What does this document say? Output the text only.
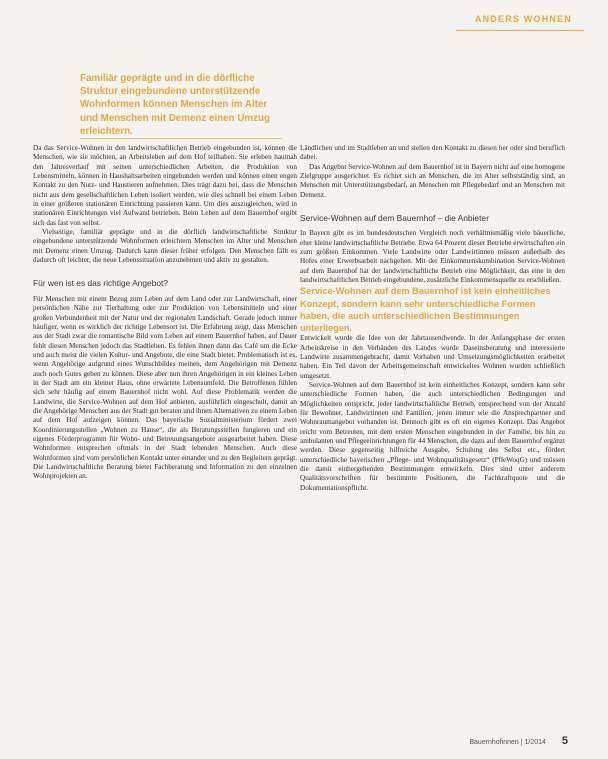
ANDERS WOHNEN

Familiär geprägte und in die dörfliche Struktur eingebundene unterstützende Wohnformen können Menschen im Alter und Menschen mit Demenz einen Umzug erleichtern.

Da das Service-Wohnen in den landwirtschaftlichen Betrieb eingebunden ist, können die Menschen, wie sie möchten, an Arbeitsleben auf dem Hof teilhaben. Sie erleben hautnah den Jahresverlauf mit seinen unterschiedlichen Arbeiten, die Produktion von Lebensmitteln, können in Haushaltsarbeiten eingebunden werden und können einen engen Kontakt zu den Nutz- und Haustieren aufnehmen. Dies trägt dazu bei, dass die Menschen nicht aus dem gesellschaftlichen Leben isoliert werden, wie dies schnell bei einem Leben in einer größeren stationären Einrichtung passieren kann. Um dies auszugleichen, wird in stationären Einrichtungen viel Aufwand betrieben. Beim Leben auf dem Bauernhof ergibt sich das fast von selbst.

Vielseitige, familiär geprägte und in die dörflich landwirtschaftliche Struktur eingebundene unterstützende Wohnformen erleichtern Menschen im Alter und Menschen mit Demenz einen Umzug. Dadurch kann dieser früher erfolgen. Den Menschen fällt es dadurch oft leichter, die neue Lebenssituation anzunehmen und aktiv zu gestalten.

Für wen ist es das richtige Angebot?

Für Menschen mit einem Bezug zum Leben auf dem Land oder zur Landwirtschaft, einer persönlichen Nähe zur Tierhaltung oder zur Produktion von Lebensmitteln und einer großen Verbundenheit mit der Natur und der regionalen Landschaft. Gerade jedoch immer häufiger, wenn es wirklich der richtige Lebensort ist. Die Erfahrung zeigt, dass Menschen aus der Stadt zwar die romantische Bild vom Leben auf einem Bauernhof haben, auf Dauer fehlt diesen Menschen jedoch das Stadtleben. Es fehlen ihnen dann das Café um die Ecke und auch meist die vielen Kultur- und Angebote, die eine Stadt bietet. Problematisch ist es, wenn Angehörige aufgrund eines Wunschbildes meinen, dem Angehörigen mit Demenz auch noch Gutes geben zu können. Diese aber nun ihren Angehörigen in ein kleines Leben in der Stadt am ein kleiner Haus, ohne erwartete Lebensumfeld. Die Betroffenen fühlen sich sehr häufig auf einem Bauernhof nicht wohl. Auf diese Problematik werden die Landwirte, die Service-Wohnen auf dem Hof anbieten, ausführlich eingeschult, damit an die Angehörige Menschen aus der Stadt gut beraten und ihnen Alternativen zu einem Leben auf dem Hof aufzeigen können. Das bayerische Sozialministerium fördert zwei Koordinierungsstellen „Wohnen zu Hause“, die als Beratungsstellen fungieren und ein eigenes Förderprogramm für Wohn- und Betreuungsangebote ausgearbeitet haben. Diese Wohnformen entsprechen oftmals in der Stadt lebenden Menschen. Auch diese Wohnformen sind vom persönlichen Kontakt unter einander und zu den Begleitern geprägt. Die Landwirtschaftliche Beratung bietet Fachberatung und Information zu den einzelnen Wohnprojekten an.

Ländlichen und im Stadtleben an und stellen den Kontakt zu diesen her oder sind beruflich dabei.

Das Angebot Service-Wohnen auf dem Bauernhof ist in Bayern nicht auf eine homogene Zielgruppe ausgerichtet. Es richtet sich an Menschen, die im Alter selbstständig sind, an Menschen mit Unterstützungsbedarf, an Menschen mit Pflegebedarf und an Menschen mit Demenz.

Service-Wohnen auf dem Bauernhof – die Anbieter

In Bayern gibt es im bundesdeutschen Vergleich noch verhältnismäßig viele bäuerliche, eher kleine landwirtschaftliche Betriebe. Etwa 64 Prozent dieser Betriebe erwirtschaften ein zum größten Einkommen. Viele Landwirte oder Landwirtinnen müssen außerhalb des Hofes einer Erwerbsarbeit nachgehen. Mit der Einkommenskombination Service-Wohnen auf dem Bauernhof hat der landwirtschaftliche Betrieb eine Möglichkeit, das eine in den landwirtschaftlichen Betrieb eingebundene, zusätzliche Einkommensquelle zu erschließen.

Service-Wohnen auf dem Bauernhof ist kein einheitliches Konzept, sondern kann sehr unterschiedliche Formen haben, die auch unterschiedlichen Bestimmungen unterliegen.

Entwickelt wurde die Idee von der Jahrtausendwende. In der Anfangsphase der ersten Arbeitskreise in den Verbänden des Landes wurde Daseinsberatung und interessierte Landwirte zusammengebracht, damit Vorhaben und Umsetzungsmöglichkeiten erarbeitet haben. Ein Teil davon der Arbeitsgemeinschaft entwickeltes Wohnen wurden schließlich umgesetzt.

Service-Wohnen auf dem Bauernhof ist kein einheitliches Konzept, sondern kann sehr unterschiedliche Formen haben, die auch unterschiedlichen Bedingungen und Möglichkeiten entspricht, jeder landwirtschaftliche Betrieb, entsprechend von der Anzahl für Bewohner, Landwirtinnen und Familien, jenen immer wie die Ansprechpartner und Wohnraumangebot vorhanden ist. Dennoch gibt es oft ein eigenes Konzept. Das Angebot reicht vom Betreuten, mit dem ersten Menschen eingebunden in der Familie, bis hin zu ambulanten und Pflegeeinrichtungen für 44 Menschen, die dazu auf dem Bauernhof ergänzt werden. Diese gegenseitig hilfreiche Ausgabe, Schulung des Selbst etc., fördert unterschiedliche bayerischen „Pflege- und Wohnqualitätsgesetz“ (PfleWoqG) und müssen die damit einhergehenden Bestimmungen entwickeln. Dies sind unter anderem Qualitätsvorschriften für bestimmte Positionen, die Fachkraftquote und die Dokumentationspflicht.

Bauernhofinnen | 1/2014 5
